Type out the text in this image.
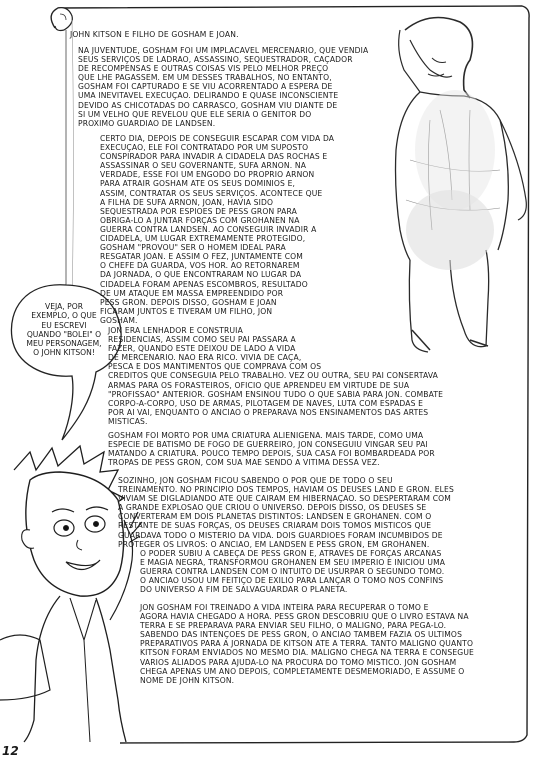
VEJA, POR
EXEMPLO, O QUE
EU ESCREVI
QUANDO "BOLEI" O
MEU PERSONAGEM,
O JOHN KITSON!
JOHN KITSON E FILHO DE GOSHAM E JOAN.
NA JUVENTUDE, GOSHAM FOI UM IMPLACAVEL MERCENARIO, QUE VENDIA
SEUS SERVIÇOS DE LADRAO, ASSASSINO, SEQUESTRADOR, CAÇADOR
DE RECOMPENSAS E OUTRAS COISAS VIS PELO MELHOR PREÇO
QUE LHE PAGASSEM. EM UM DESSES TRABALHOS, NO ENTANTO,
GOSHAM FOI CAPTURADO E SE VIU ACORRENTADO A ESPERA DE
UMA INEVITAVEL EXECUÇAO. DELIRANDO E QUASE INCONSCIENTE
DEVIDO AS CHICOTADAS DO CARRASCO, GOSHAM VIU DIANTE DE
SI UM VELHO QUE REVELOU QUE ELE SERIA O GENITOR DO
PROXIMO GUARDIAO DE LANDSEN.
CERTO DIA, DEPOIS DE CONSEGUIR ESCAPAR COM VIDA DA
EXECUÇAO, ELE FOI CONTRATADO POR UM SUPOSTO
CONSPIRADOR PARA INVADIR A CIDADELA DAS ROCHAS E
ASSASSINAR O SEU GOVERNANTE, SUFA ARNON. NA
VERDADE, ESSE FOI UM ENGODO DO PROPRIO ARNON
PARA ATRAIR GOSHAM ATE OS SEUS DOMINIOS E,
ASSIM, CONTRATAR OS SEUS SERVIÇOS. ACONTECE QUE
A FILHA DE SUFA ARNON, JOAN, HAVIA SIDO
SEQUESTRADA POR ESPIOES DE PESS GRON PARA
OBRIGA-LO A JUNTAR FORÇAS COM GROHANEN NA
GUERRA CONTRA LANDSEN. AO CONSEGUIR INVADIR A
CIDADELA, UM LUGAR EXTREMAMENTE PROTEGIDO,
GOSHAM "PROVOU" SER O HOMEM IDEAL PARA
RESGATAR JOAN. E ASSIM O FEZ, JUNTAMENTE COM
O CHEFE DA GUARDA, VOS HOR. AO RETORNAREM
DA JORNADA, O QUE ENCONTRARAM NO LUGAR DA
CIDADELA FORAM APENAS ESCOMBROS, RESULTADO
DE UM ATAQUE EM MASSA EMPREENDIDO POR
PESS GRON. DEPOIS DISSO, GOSHAM E JOAN
FICARAM JUNTOS E TIVERAM UM FILHO, JON
GOSHAM.
JON ERA LENHADOR E CONSTRUIA
RESIDENCIAS, ASSIM COMO SEU PAI PASSARA A
FAZER, QUANDO ESTE DEIXOU DE LADO A VIDA
DE MERCENARIO. NAO ERA RICO. VIVIA DE CAÇA,
PESCA E DOS MANTIMENTOS QUE COMPRAVA COM OS
CREDITOS QUE CONSEGUIA PELO TRABALHO. VEZ OU OUTRA, SEU PAI CONSERTAVA
ARMAS PARA OS FORASTEIROS, OFICIO QUE APRENDEU EM VIRTUDE DE SUA
"PROFISSAO" ANTERIOR. GOSHAM ENSINOU TUDO O QUE SABIA PARA JON. COMBATE
CORPO-A-CORPO, USO DE ARMAS, PILOTAGEM DE NAVES, LUTA COM ESPADAS E
POR AI VAI, ENQUANTO O ANCIAO O PREPARAVA NOS ENSINAMENTOS DAS ARTES
MISTICAS.
GOSHAM FOI MORTO POR UMA CRIATURA ALIENIGENA. MAIS TARDE, COMO UMA
ESPECIE DE BATISMO DE FOGO DE GUERREIRO, JON CONSEGUIU VINGAR SEU PAI
MATANDO A CRIATURA. POUCO TEMPO DEPOIS, SUA CASA FOI BOMBARDEADA POR
TROPAS DE PESS GRON, COM SUA MAE SENDO A VITIMA DESSA VEZ.
SOZINHO, JON GOSHAM FICOU SABENDO O POR QUE DE TODO O SEU
TREINAMENTO. NO PRINCIPIO DOS TEMPOS, HAVIAM OS DEUSES LAND E GRON. ELES
VIVIAM SE DIGLADIANDO ATE QUE CAIRAM EM HIBERNAÇAO. SO DESPERTARAM COM
A GRANDE EXPLOSAO QUE CRIOU O UNIVERSO. DEPOIS DISSO, OS DEUSES SE
CONVERTERAM EM DOIS PLANETAS DISTINTOS: LANDSEN E GROHANEN. COM O
RESTANTE DE SUAS FORÇAS, OS DEUSES CRIARAM DOIS TOMOS MISTICOS QUE
GUARDAVA TODO O MISTERIO DA VIDA. DOIS GUARDIOES FORAM INCUMBIDOS DE
PROTEGER OS LIVROS: O ANCIAO, EM LANDSEN E PESS GRON, EM GROHANEN.
O PODER SUBIU A CABEÇA DE PESS GRON E, ATRAVES DE FORÇAS ARCANAS
E MAGIA NEGRA, TRANSFORMOU GROHANEN EM SEU IMPERIO E INICIOU UMA
GUERRA CONTRA LANDSEN COM O INTUITO DE USURPAR O SEGUNDO TOMO.
O ANCIAO USOU UM FEITIÇO DE EXILIO PARA LANÇAR O TOMO NOS CONFINS
DO UNIVERSO A FIM DE SALVAGUARDAR O PLANETA.
JON GOSHAM FOI TREINADO A VIDA INTEIRA PARA RECUPERAR O TOMO E
AGORA HAVIA CHEGADO A HORA. PESS GRON DESCOBRIU QUE O LIVRO ESTAVA NA
TERRA E SE PREPARAVA PARA ENVIAR SEU FILHO, O MALIGNO, PARA PEGA-LO.
SABENDO DAS INTENÇOES DE PESS GRON, O ANCIAO TAMBEM FAZIA OS ULTIMOS
PREPARATIVOS PARA A JORNADA DE KITSON ATE A TERRA. TANTO MALIGNO QUANTO
KITSON FORAM ENVIADOS NO MESMO DIA. MALIGNO CHEGA NA TERRA E CONSEGUE
VARIOS ALIADOS PARA AJUDA-LO NA PROCURA DO TOMO MISTICO. JON GOSHAM
CHEGA APENAS UM ANO DEPOIS, COMPLETAMENTE DESMEMORIADO, E ASSUME O
NOME DE JOHN KITSON.
12
